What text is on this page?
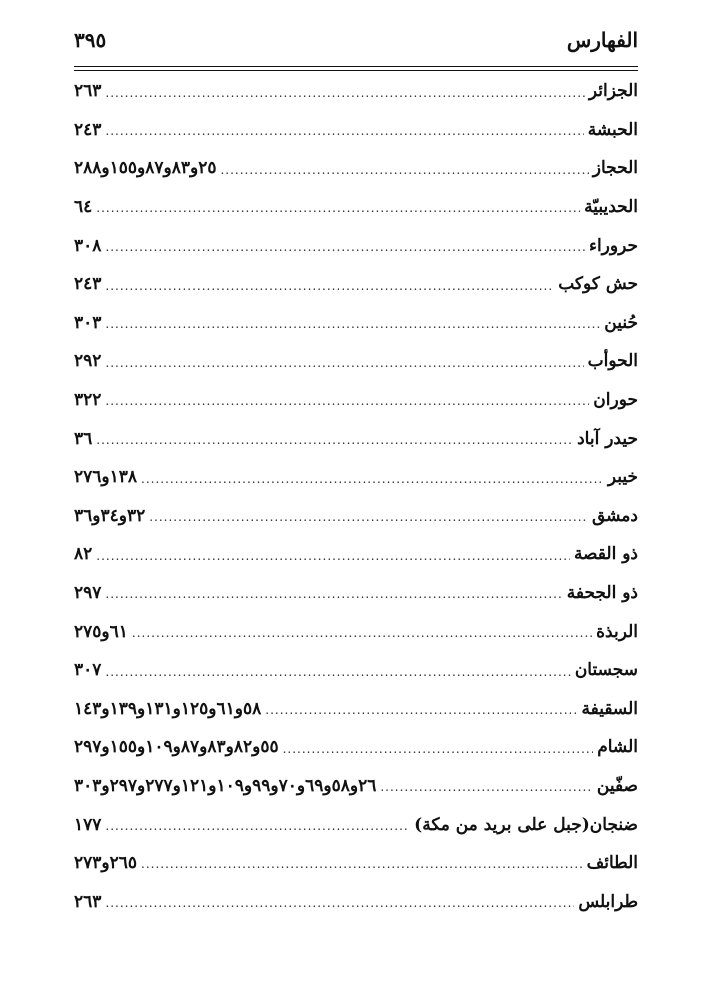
الفهارس
٣٩٥
الجزائر
.....
٢٦٣
الحبشة
.....
٢٤٣
الحجاز
.....
٢٥و٨٣و٨٧و١٥٥و٢٨٨
الحديبيّة
.....
٦٤
حروراء
.....
٣٠٨
حش كوكب
.....
٢٤٣
حُنين
.....
٣٠٣
الحوأب
.....
٢٩٢
حوران
.....
٣٢٢
حيدر آباد
.....
٣٦
خيبر
.....
١٣٨و٢٧٦
دمشق
.....
٣٢و٣٤و٣٦
ذو القصة
.....
٨٢
ذو الجحفة
.....
٢٩٧
الربذة
.....
٦١و٢٧٥
سجستان
.....
٣٠٧
السقيفة
.....
٥٨و٦١و١٢٥و١٣١و١٣٩و١٤٣
الشام
.....
٥٥و٨٢و٨٣و٨٧و١٠٩و١٥٥و٢٩٧
صفّين
.....
٢٦و٥٨و٦٩و٧٠و٩٩و١٠٩و١٢١و٢٧٧و٢٩٧و٣٠٣
ضنجان(جبل على بريد من مكة)
.....
١٧٧
الطائف
.....
٢٦٥و٢٧٣
طرابلس
.....
٢٦٣
